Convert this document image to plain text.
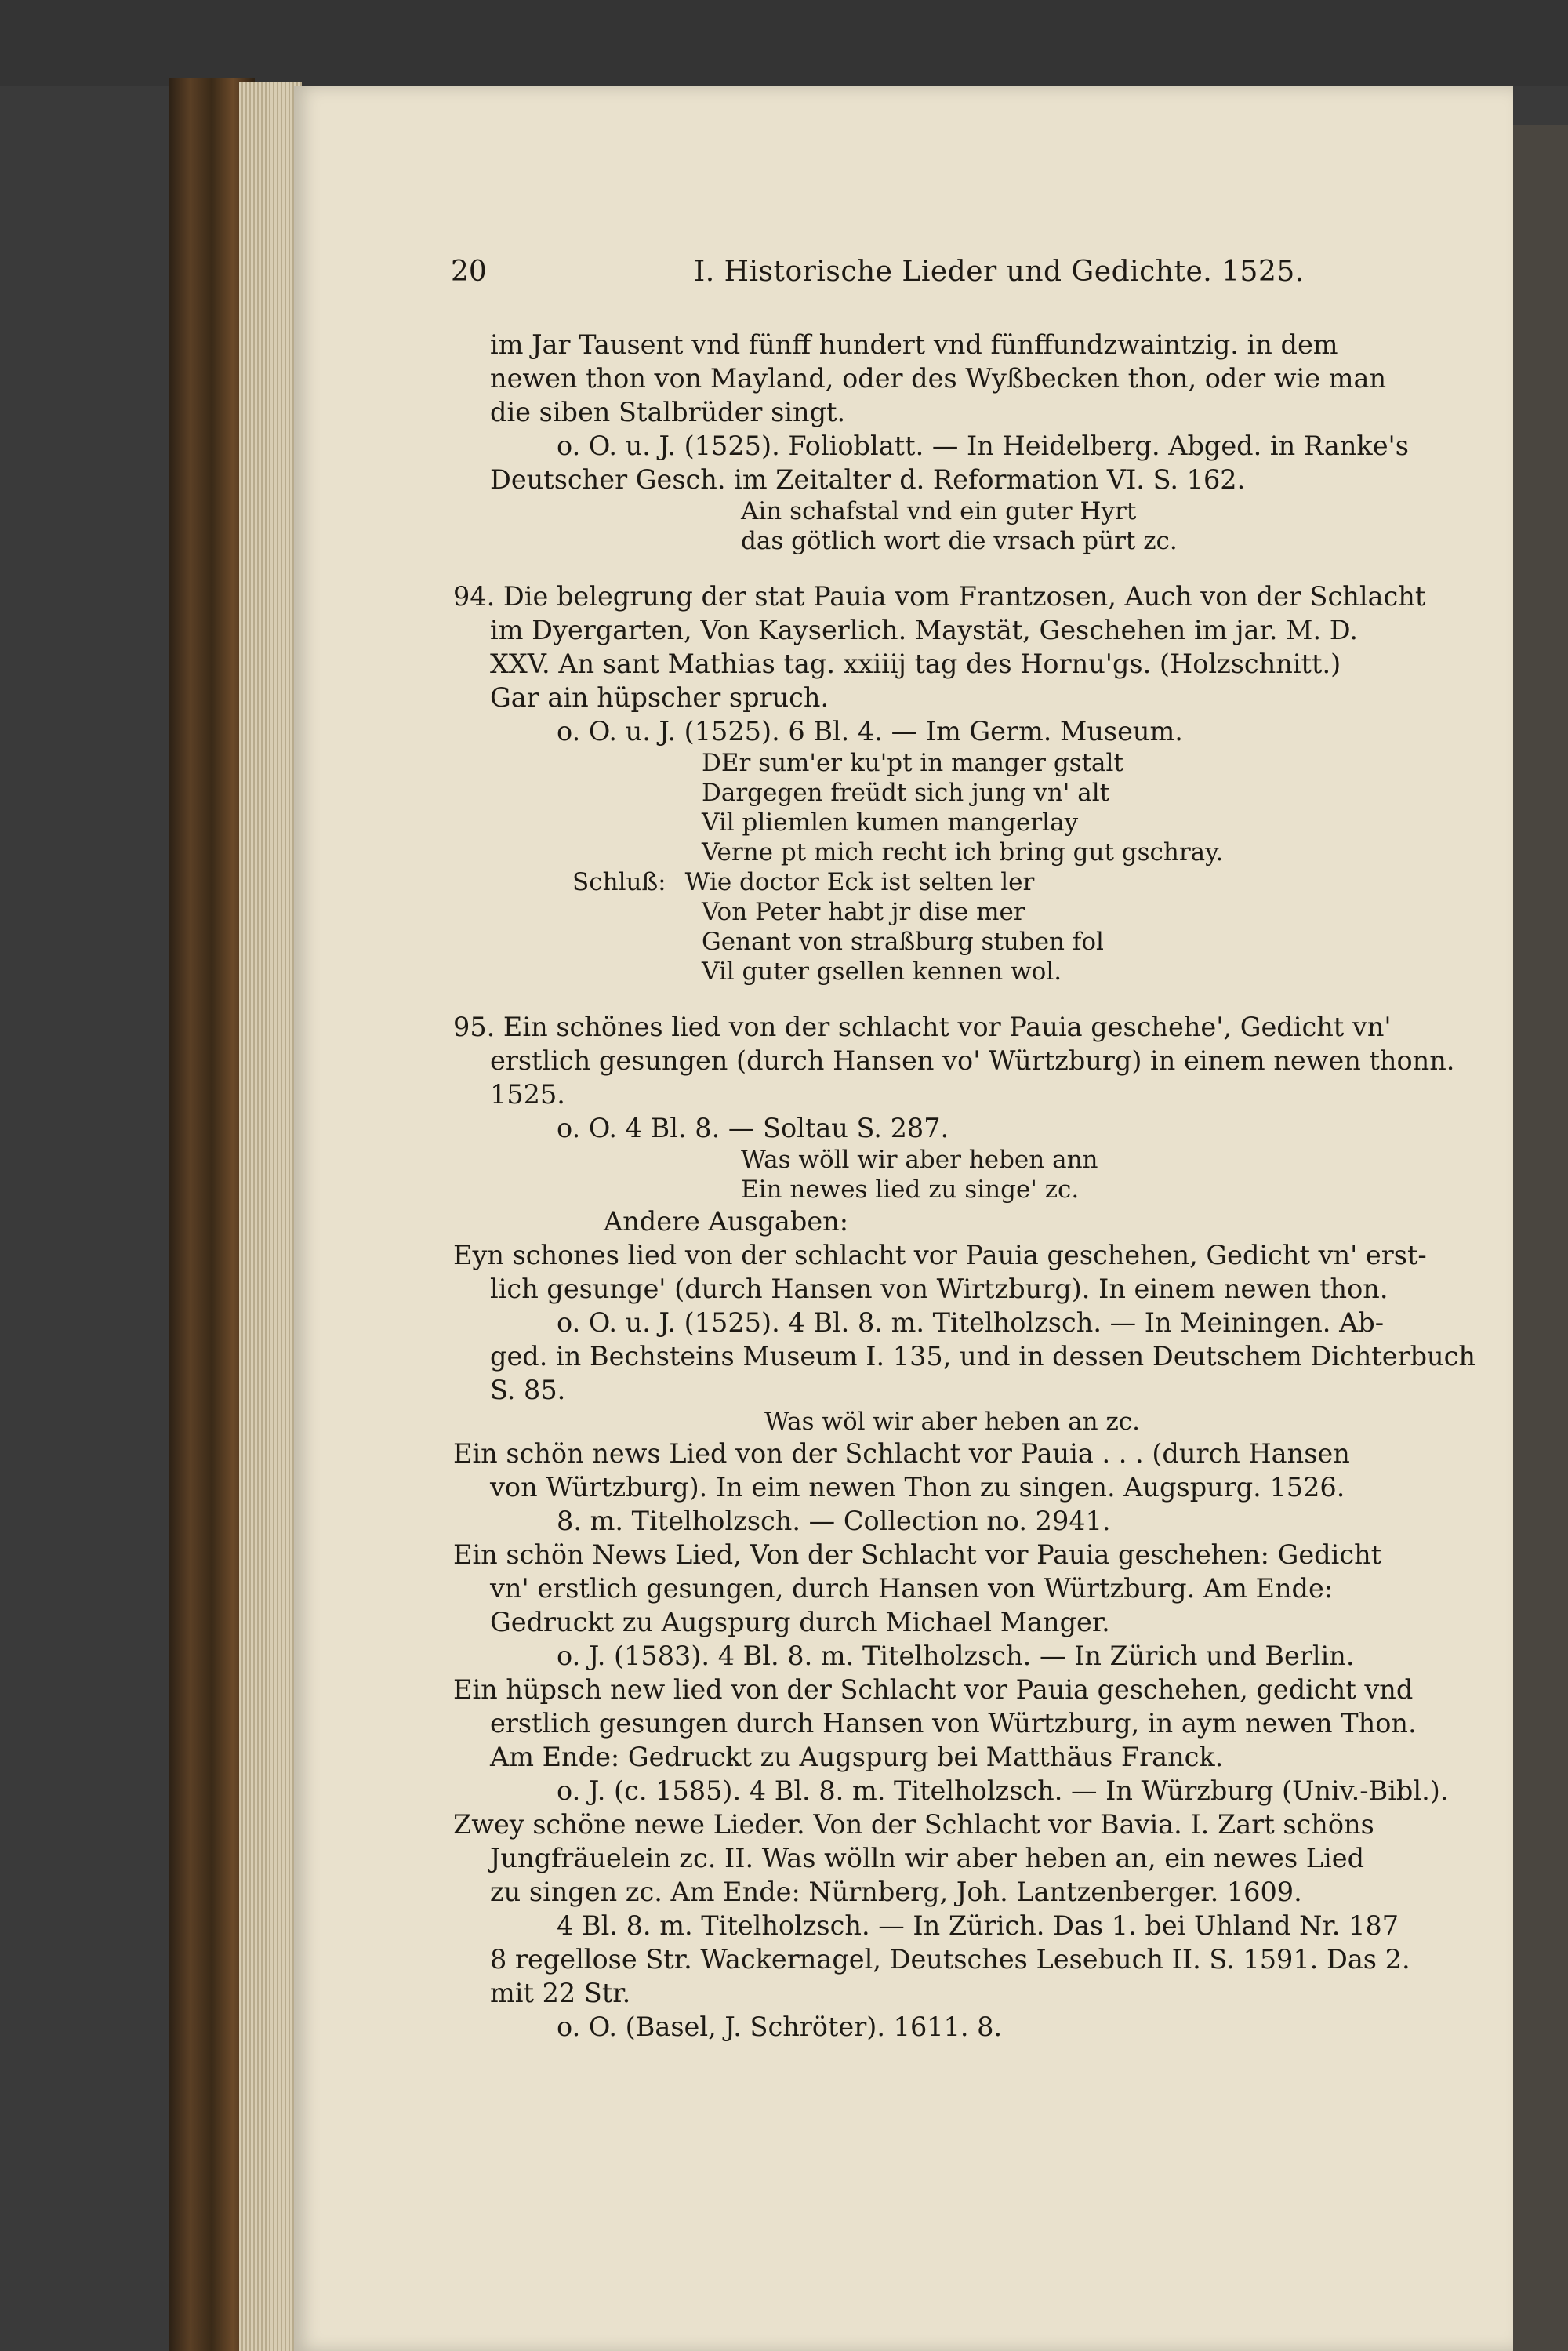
20	I. Historische Lieder und Gedichte. 1525.

im Jar Tausent vnd fünff hundert vnd fünffundzwaintzig. in dem

newen thon von Mayland, oder des Wyßbecken thon, oder wie man

die siben Stalbrüder singt.

o. O. u. J. (1525). Folioblatt. — In Heidelberg. Abged. in Ranke's

Deutscher Gesch. im Zeitalter d. Reformation VI. S. 162.

Ain schafstal vnd ein guter Hyrt

das götlich wort die vrsach pürt zc.

94. Die belegrung der stat Pauia vom Frantzosen, Auch von der Schlacht

im Dyergarten, Von Kayserlich. Maystät, Geschehen im jar. M. D.

XXV. An sant Mathias tag. xxiiij tag des Hornu'gs. (Holzschnitt.)

Gar ain hüpscher spruch.

o. O. u. J. (1525). 6 Bl. 4. — Im Germ. Museum.

DEr sum'er ku'pt in manger gstalt

Dargegen freüdt sich jung vn' alt

Vil pliemlen kumen mangerlay

Verne pt mich recht ich bring gut gschray.

Schluß: Wie doctor Eck ist selten ler

Von Peter habt jr dise mer

Genant von straßburg stuben fol

Vil guter gsellen kennen wol.

95. Ein schönes lied von der schlacht vor Pauia geschehe', Gedicht vn'

erstlich gesungen (durch Hansen vo' Würtzburg) in einem newen thonn.

1525.

o. O. 4 Bl. 8. — Soltau S. 287.

Was wöll wir aber heben ann

Ein newes lied zu singe' zc.

Andere Ausgaben:

Eyn schones lied von der schlacht vor Pauia geschehen, Gedicht vn' erst-

lich gesunge' (durch Hansen von Wirtzburg). In einem newen thon.

o. O. u. J. (1525). 4 Bl. 8. m. Titelholzsch. — In Meiningen. Ab-

ged. in Bechsteins Museum I. 135, und in dessen Deutschem Dichterbuch

S. 85.

Was wöl wir aber heben an zc.

Ein schön news Lied von der Schlacht vor Pauia . . . (durch Hansen

von Würtzburg). In eim newen Thon zu singen. Augspurg. 1526.

8. m. Titelholzsch. — Collection no. 2941.

Ein schön News Lied, Von der Schlacht vor Pauia geschehen: Gedicht

vn' erstlich gesungen, durch Hansen von Würtzburg. Am Ende:

Gedruckt zu Augspurg durch Michael Manger.

o. J. (1583). 4 Bl. 8. m. Titelholzsch. — In Zürich und Berlin.

Ein hüpsch new lied von der Schlacht vor Pauia geschehen, gedicht vnd

erstlich gesungen durch Hansen von Würtzburg, in aym newen Thon.

Am Ende: Gedruckt zu Augspurg bei Matthäus Franck.

o. J. (c. 1585). 4 Bl. 8. m. Titelholzsch. — In Würzburg (Univ.-Bibl.).

Zwey schöne newe Lieder. Von der Schlacht vor Bavia. I. Zart schöns

Jungfräuelein zc. II. Was wölln wir aber heben an, ein newes Lied

zu singen zc. Am Ende: Nürnberg, Joh. Lantzenberger. 1609.

4 Bl. 8. m. Titelholzsch. — In Zürich. Das 1. bei Uhland Nr. 187

8 regellose Str. Wackernagel, Deutsches Lesebuch II. S. 1591. Das 2.

mit 22 Str.

o. O. (Basel, J. Schröter). 1611. 8.
